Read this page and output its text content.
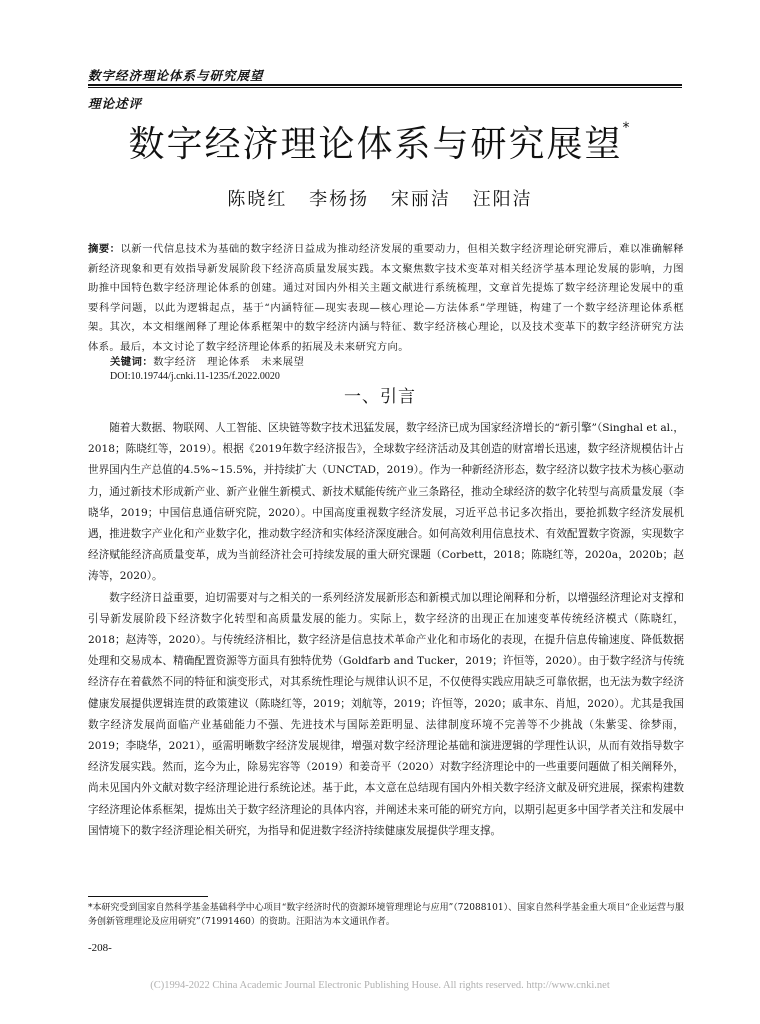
数字经济理论体系与研究展望
理论述评
数字经济理论体系与研究展望*
陈晓红 李杨扬 宋丽洁 汪阳洁
摘要：以新一代信息技术为基础的数字经济日益成为推动经济发展的重要动力，但相关数字经济理论研究滞后，难以准确解释新经济现象和更有效指导新发展阶段下经济高质量发展实践。本文聚焦数字技术变革对相关经济学基本理论发展的影响，力图助推中国特色数字经济理论体系的创建。通过对国内外相关主题文献进行系统梳理，文章首先提炼了数字经济理论发展中的重要科学问题，以此为逻辑起点，基于“内涵特征—现实表现—核心理论—方法体系”学理链，构建了一个数字经济理论体系框架。其次，本文相继阐释了理论体系框架中的数字经济内涵与特征、数字经济核心理论，以及技术变革下的数字经济研究方法体系。最后，本文讨论了数字经济理论体系的拓展及未来研究方向。
关键词：数字经济　理论体系　未来展望
DOI:10.19744/j.cnki.11-1235/f.2022.0020
一、引言

随着大数据、物联网、人工智能、区块链等数字技术迅猛发展，数字经济已成为国家经济增长的“新引擎”（Singhal et al.，2018；陈晓红等，2019）。根据《2019年数字经济报告》，全球数字经济活动及其创造的财富增长迅速，数字经济规模估计占世界国内生产总值的4.5%~15.5%，并持续扩大（UNCTAD，2019）。作为一种新经济形态，数字经济以数字技术为核心驱动力，通过新技术形成新产业、新产业催生新模式、新技术赋能传统产业三条路径，推动全球经济的数字化转型与高质量发展（李晓华，2019；中国信息通信研究院，2020）。中国高度重视数字经济发展，习近平总书记多次指出，要抢抓数字经济发展机遇，推进数字产业化和产业数字化，推动数字经济和实体经济深度融合。如何高效利用信息技术、有效配置数字资源，实现数字经济赋能经济高质量变革，成为当前经济社会可持续发展的重大研究课题（Corbett，2018；陈晓红等，2020a，2020b；赵涛等，2020）。

数字经济日益重要，迫切需要对与之相关的一系列经济发展新形态和新模式加以理论阐释和分析，以增强经济理论对支撑和引导新发展阶段下经济数字化转型和高质量发展的能力。实际上，数字经济的出现正在加速变革传统经济模式（陈晓红，2018；赵涛等，2020）。与传统经济相比，数字经济是信息技术革命产业化和市场化的表现，在提升信息传输速度、降低数据处理和交易成本、精确配置资源等方面具有独特优势（Goldfarb and Tucker，2019；许恒等，2020）。由于数字经济与传统经济存在着截然不同的特征和演变形式，对其系统性理论与规律认识不足，不仅使得实践应用缺乏可靠依据，也无法为数字经济健康发展提供逻辑连贯的政策建议（陈晓红等，2019；刘航等，2019；许恒等，2020；戚聿东、肖旭，2020）。尤其是我国数字经济发展尚面临产业基础能力不强、先进技术与国际差距明显、法律制度环境不完善等不少挑战（朱紫雯、徐梦雨，2019；李晓华，2021），亟需明晰数字经济发展规律，增强对数字经济理论基础和演进逻辑的学理性认识，从而有效指导数字经济发展实践。然而，迄今为止，除易宪容等（2019）和姜奇平（2020）对数字经济理论中的一些重要问题做了相关阐释外，尚未见国内外文献对数字经济理论进行系统论述。基于此，本文意在总结现有国内外相关数字经济文献及研究进展，探索构建数字经济理论体系框架，提炼出关于数字经济理论的具体内容，并阐述未来可能的研究方向，以期引起更多中国学者关注和发展中国情境下的数字经济理论相关研究，为指导和促进数字经济持续健康发展提供学理支撑。

*本研究受到国家自然科学基金基础科学中心项目“数字经济时代的资源环境管理理论与应用”（72088101）、国家自然科学基金重大项目“企业运营与服务创新管理理论及应用研究”（71991460）的资助。汪阳洁为本文通讯作者。
-208-
(C)1994-2022 China Academic Journal Electronic Publishing House. All rights reserved. http://www.cnki.net
